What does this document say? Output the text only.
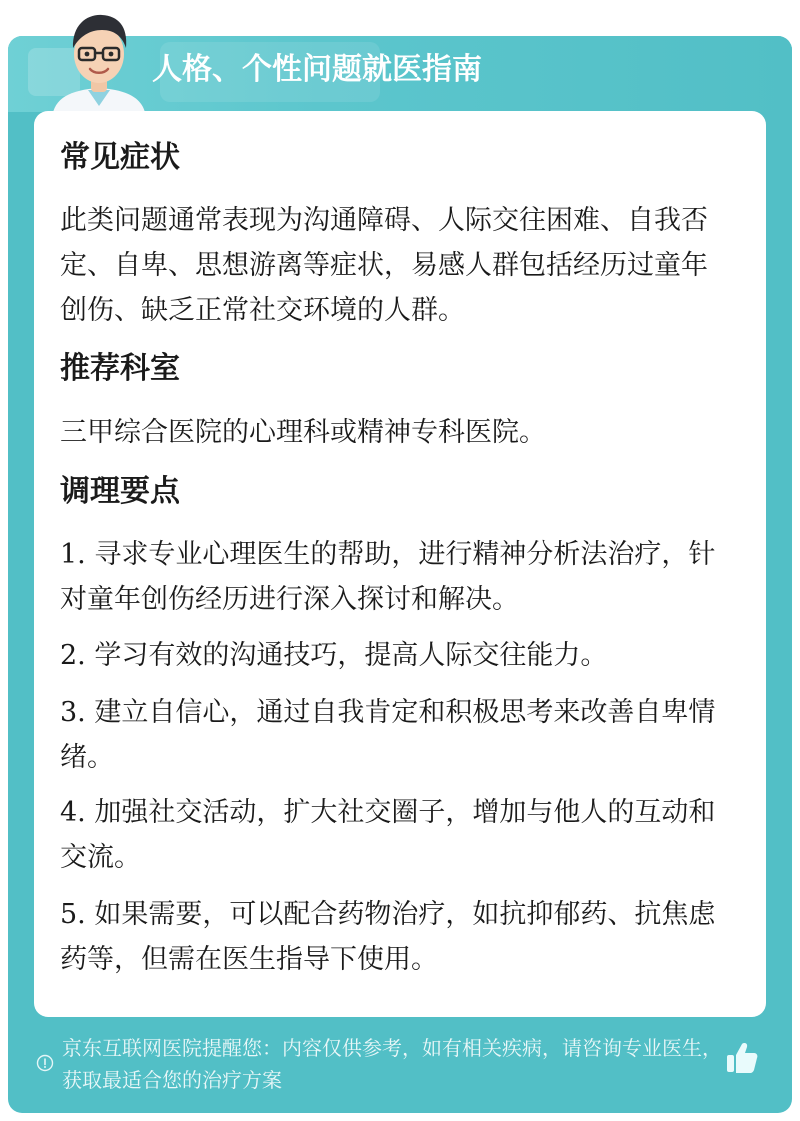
人格、个性问题就医指南
常见症状

此类问题通常表现为沟通障碍、人际交往困难、自我否定、自卑、思想游离等症状，易感人群包括经历过童年创伤、缺乏正常社交环境的人群。

推荐科室

三甲综合医院的心理科或精神专科医院。

调理要点

1. 寻求专业心理医生的帮助，进行精神分析法治疗，针对童年创伤经历进行深入探讨和解决。

2. 学习有效的沟通技巧，提高人际交往能力。

3. 建立自信心，通过自我肯定和积极思考来改善自卑情绪。

4. 加强社交活动，扩大社交圈子，增加与他人的互动和交流。

5. 如果需要，可以配合药物治疗，如抗抑郁药、抗焦虑药等，但需在医生指导下使用。

京东互联网医院提醒您：内容仅供参考，如有相关疾病，请咨询专业医生，获取最适合您的治疗方案
